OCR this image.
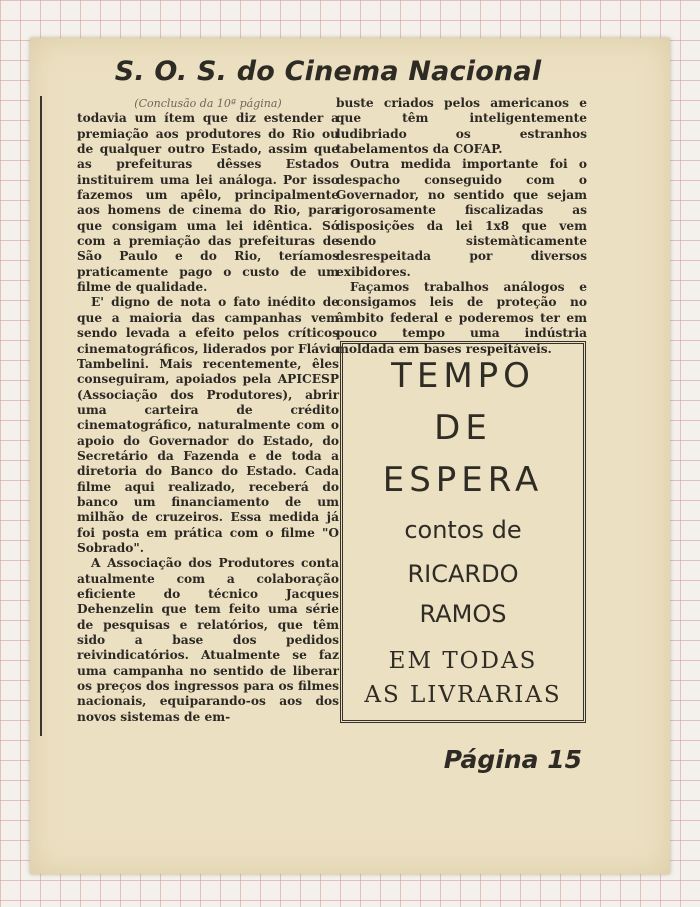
S. O. S. do Cinema Nacional

(Conclusão da 10ª página)

todavia um ítem que diz estender a premiação aos produtores do Rio ou de qualquer outro Estado, assim que as prefeituras dêsses Estados instituirem uma lei análoga. Por isso fazemos um apêlo, principalmente aos homens de cinema do Rio, para que consigam uma lei idêntica. Só com a premiação das prefeituras de São Paulo e do Rio, teríamos praticamente pago o custo de um filme de qualidade.

E' digno de nota o fato inédito de que a maioria das campanhas vem sendo levada a efeito pelos críticos cinematográficos, liderados por Flávio Tambelini. Mais recentemente, êles conseguiram, apoiados pela APICESP (Associação dos Produtores), abrir uma carteira de crédito cinematográfico, naturalmente com o apoio do Governador do Estado, do Secretário da Fazenda e de toda a diretoria do Banco do Estado. Cada filme aqui realizado, receberá do banco um financiamento de um milhão de cruzeiros. Essa medida já foi posta em prática com o filme "O Sobrado".

A Associação dos Produtores conta atualmente com a colaboração eficiente do técnico Jacques Dehenzelin que tem feito uma série de pesquisas e relatórios, que têm sido a base dos pedidos reivindicatórios. Atualmente se faz uma campanha no sentido de liberar os preços dos ingressos para os filmes nacionais, equiparando-os aos dos novos sistemas de em-

buste criados pelos americanos e que têm inteligentemente ludibriado os estranhos tabelamentos da COFAP.

Outra medida importante foi o despacho conseguido com o Governador, no sentido que sejam rigorosamente fiscalizadas as disposições da lei 1x8 que vem sendo sistemàticamente desrespeitada por diversos exibidores.

Façamos trabalhos análogos e consigamos leis de proteção no âmbito federal e poderemos ter em pouco tempo uma indústria moldada em bases respeitáveis.

TEMPO
DE
ESPERA
contos de
RICARDO
RAMOS
EM TODAS
AS LIVRARIAS
Página 15
